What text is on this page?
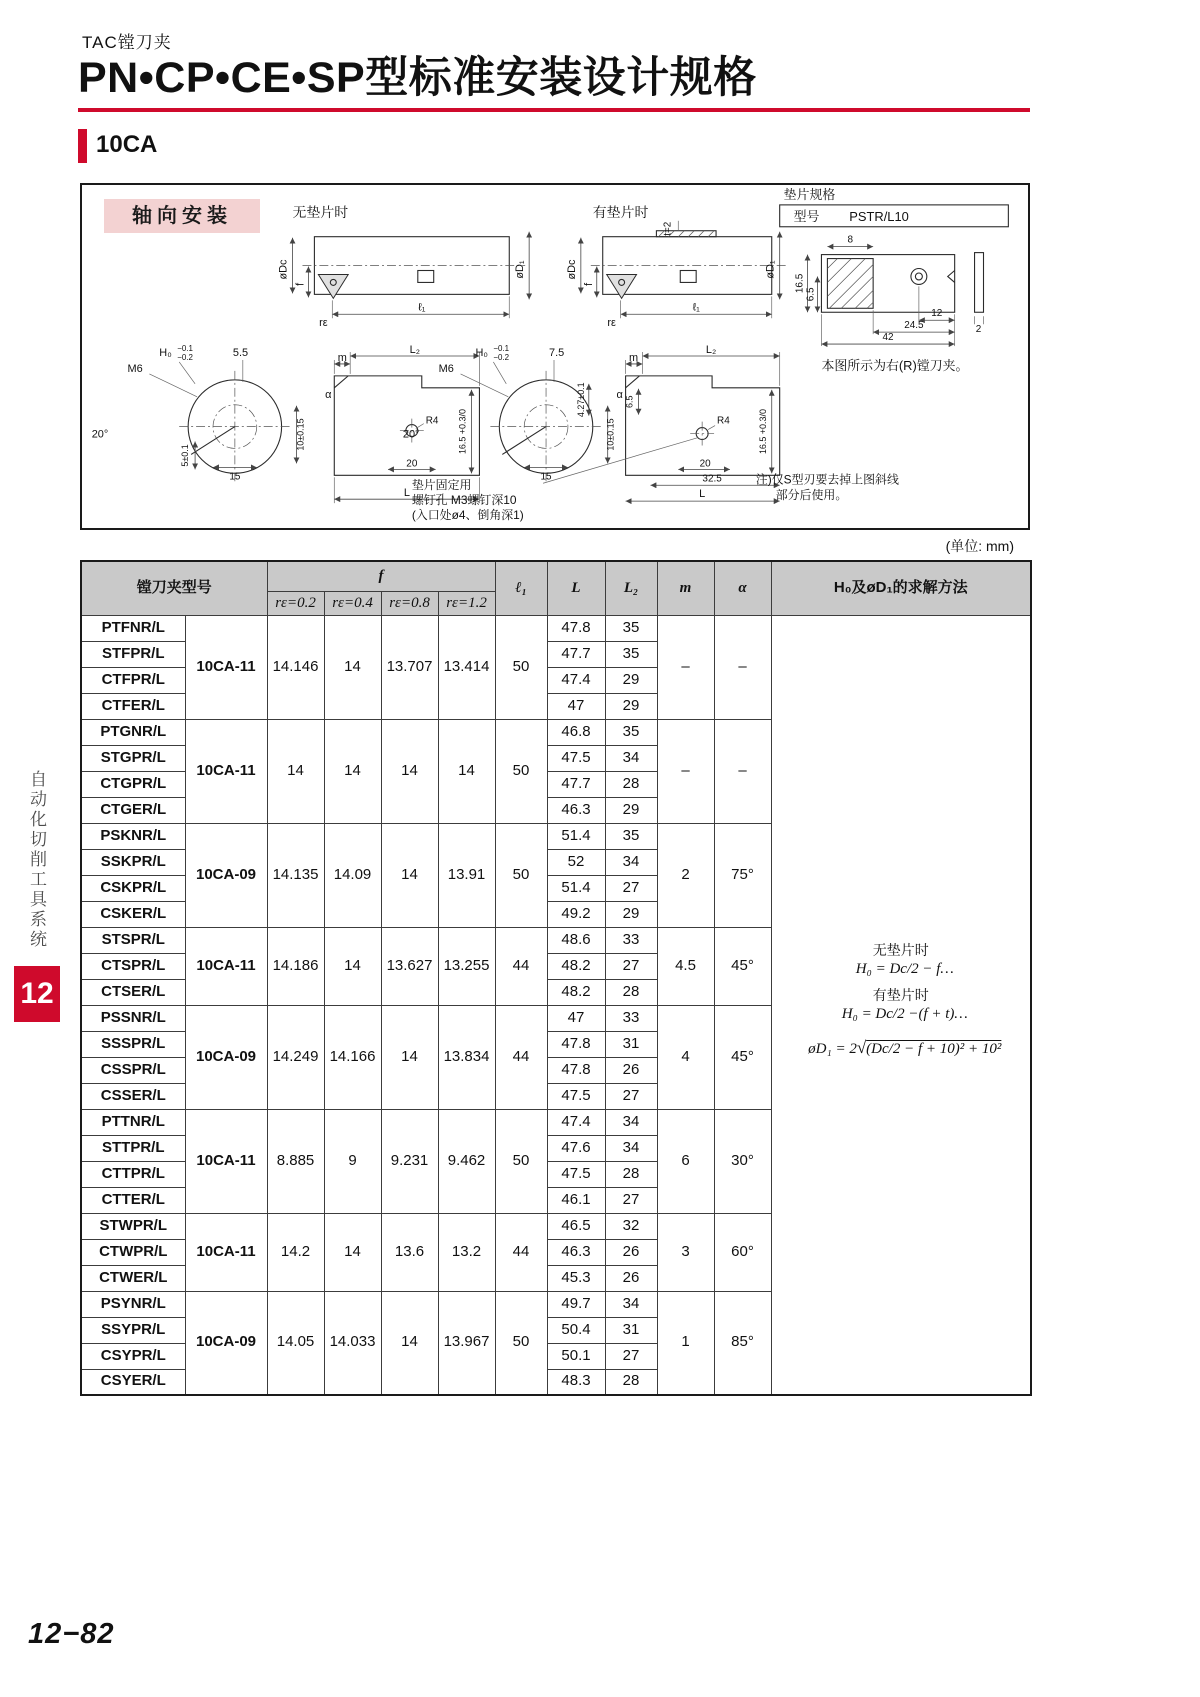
TAC镗刀夹
PN•CP•CE•SP型标准安装设计规格
10CA
轴向安装	无垫片时	有垫片时
垫片规格
型号 PSTR/L10
øDc
f
øD₁
rε
ℓ₁
øDc
f
t=2
øD₁
rε
ℓ₁
8
16.5
6.5
12
24.5
42
2
本图所示为右(R)镗刀夹。
M6
H₀ −0.1
−0.2	5.5
20°
15
5±0.1
10±0.15
m
L₂
α
R4 16.5 +0.3/0
20
L
H₀ −0.1
−0.2	7.5
M6
4.27±0.1
20°
15
10±0.15
m
L₂
α
6.5
R4	16.5 +0.3/0
20
32.5
L
垫片固定用
螺钉孔 M3螺钉深10
(入口处ø4、倒角深1)
注)仅S型刃要去掉上图斜线
部分后使用。
(单位: mm)
镗刀夹型号		f				ℓ₁	L	L₂	m	α	H₀及øD₁的求解方法
		rε=0.2	rε=0.4	rε=0.8	rε=1.2						
PTFNR/L	10CA-11	14.146	14	13.707	13.414	50	47.8	35	–	–	无垫片时
H₀ = Dc/2 − f…
有垫片时
H₀ = Dc/2 −(f + t)…
øD₁ = 2√(Dc/2 − f + 10)² + 10²

STFPR/L							47.7	35			
CTFPR/L							47.4	29			
CTFER/L							47	29			
PTGNR/L	10CA-11	14	14	14	14	50	46.8	35	–	–	
STGPR/L							47.5	34			
CTGPR/L							47.7	28			
CTGER/L							46.3	29			
PSKNR/L	10CA-09	14.135	14.09	14	13.91	50	51.4	35	2	75°	
SSKPR/L							52	34			
CSKPR/L							51.4	27			
CSKER/L							49.2	29			
STSPR/L	10CA-11	14.186	14	13.627	13.255	44	48.6	33	4.5	45°	
CTSPR/L							48.2	27			
CTSER/L							48.2	28			
PSSNR/L	10CA-09	14.249	14.166	14	13.834	44	47	33	4	45°	
SSSPR/L							47.8	31			
CSSPR/L							47.8	26			
CSSER/L							47.5	27			
PTTNR/L	10CA-11	8.885	9	9.231	9.462	50	47.4	34	6	30°	
STTPR/L							47.6	34			
CTTPR/L							47.5	28			
CTTER/L							46.1	27			
STWPR/L	10CA-11	14.2	14	13.6	13.2	44	46.5	32	3	60°	
CTWPR/L							46.3	26			
CTWER/L							45.3	26			
PSYNR/L	10CA-09	14.05	14.033	14	13.967	50	49.7	34	1	85°	
SSYPR/L							50.4	31			
CSYPR/L							50.1	27			
CSYER/L							48.3	28			
自动化切削工具系统
12
12−82
